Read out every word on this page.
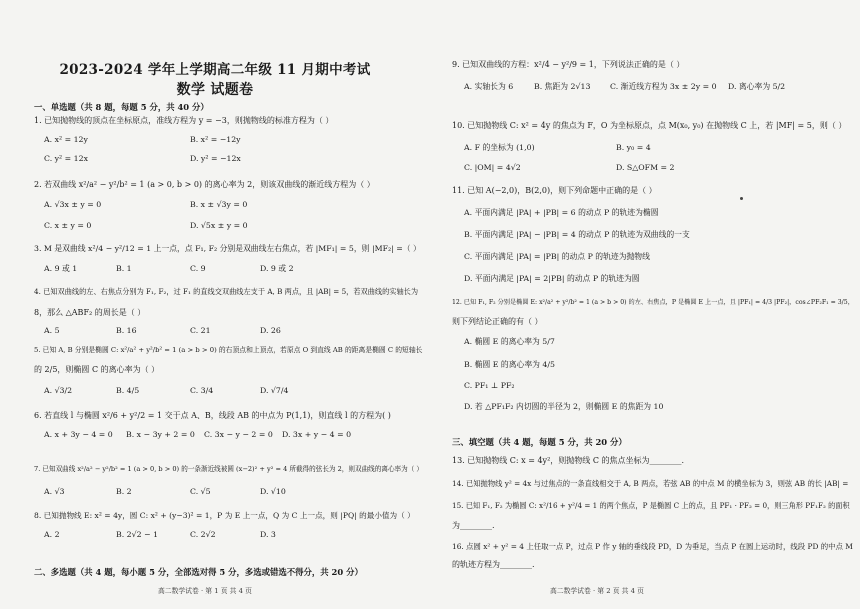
2023-2024 学年上学期高二年级 11 月期中考试
数学 试题卷
一、单选题（共 8 题，每题 5 分，共 40 分）
1. 已知抛物线的顶点在坐标原点，准线方程为 y = −3，则抛物线的标准方程为（ ）
A. x² = 12y	B. x² = −12y
C. y² = 12x	D. y² = −12x
2. 若双曲线 x²/a² − y²/b² = 1 (a > 0, b > 0) 的离心率为 2，则该双曲线的渐近线方程为（ ）
A. √3x ± y = 0	B. x ± √3y = 0
C. x ± y = 0	D. √5x ± y = 0
3. M 是双曲线 x²/4 − y²/12 = 1 上一点，点 F₁, F₂ 分别是双曲线左右焦点，若 |MF₁| = 5，则 |MF₂| =（ ）
A. 9 或 1	B. 1	C. 9	D. 9 或 2
4. 已知双曲线的左、右焦点分别为 F₁, F₂，过 F₁ 的直线交双曲线左支于 A, B 两点，且 |AB| = 5，若双曲线的实轴长为
8，那么 △ABF₂ 的周长是（ ）
A. 5	B. 16	C. 21	D. 26
5. 已知 A, B 分别是椭圆 C: x²/a² + y²/b² = 1 (a > b > 0) 的右顶点和上顶点，若原点 O 到直线 AB 的距离是椭圆 C 的短轴长
的 2/5，则椭圆 C 的离心率为（ ）
A. √3/2	B. 4/5	C. 3/4	D. √7/4
6. 若直线 l 与椭圆 x²/6 + y²/2 = 1 交于点 A、B，线段 AB 的中点为 P(1,1)，则直线 l 的方程为( )
A. x + 3y − 4 = 0 B. x − 3y + 2 = 0 C. 3x − y − 2 = 0 D. 3x + y − 4 = 0
7. 已知双曲线 x²/a² − y²/b² = 1 (a > 0, b > 0) 的一条渐近线被圆 (x−2)² + y² = 4 所截得的弦长为 2，则双曲线的离心率为（ ）
A. √3	B. 2	C. √5	D. √10
8. 已知抛物线 E: x² = 4y，圆 C: x² + (y−3)² = 1，P 为 E 上一点，Q 为 C 上一点，则 |PQ| 的最小值为（ ）
A. 2	B. 2√2 − 1	C. 2√2	D. 3
二、多选题（共 4 题，每小题 5 分，全部选对得 5 分，多选或错选不得分，共 20 分）
高二数学试卷 · 第 1 页 共 4 页
9. 已知双曲线的方程：x²/4 − y²/9 = 1，下列说法正确的是（ ）
A. 实轴长为 6	B. 焦距为 2√13	C. 渐近线方程为 3x ± 2y = 0 D. 离心率为 5/2
10. 已知抛物线 C: x² = 4y 的焦点为 F，O 为坐标原点，点 M(x₀, y₀) 在抛物线 C 上，若 |MF| = 5，则（ ）
A. F 的坐标为 (1,0)	B. y₀ = 4
C. |OM| = 4√2	D. S△OFM = 2
11. 已知 A(−2,0)，B(2,0)，则下列命题中正确的是（ ）
A. 平面内满足 |PA| + |PB| = 6 的动点 P 的轨迹为椭圆
B. 平面内满足 |PA| − |PB| = 4 的动点 P 的轨迹为双曲线的一支
C. 平面内满足 |PA| = |PB| 的动点 P 的轨迹为抛物线
D. 平面内满足 |PA| = 2|PB| 的动点 P 的轨迹为圆
12. 已知 F₁, F₂ 分别是椭圆 E: x²/a² + y²/b² = 1 (a > b > 0) 的左、右焦点，P 是椭圆 E 上一点，且 |PF₁| = 4/3 |PF₂|，cos∠PF₂F₁ = 3/5，
则下列结论正确的有（ ）
A. 椭圆 E 的离心率为 5/7
B. 椭圆 E 的离心率为 4/5
C. PF₁ ⊥ PF₂
D. 若 △PF₁F₂ 内切圆的半径为 2，则椭圆 E 的焦距为 10
三、填空题（共 4 题，每题 5 分，共 20 分）
13. 已知抛物线 C: x = 4y²，则抛物线 C 的焦点坐标为________.
14. 已知抛物线 y² = 4x 与过焦点的一条直线相交于 A, B 两点，若弦 AB 的中点 M 的横坐标为 3，则弦 AB 的长 |AB| =
15. 已知 F₁, F₂ 为椭圆 C: x²/16 + y²/4 = 1 的两个焦点，P 是椭圆 C 上的点，且 PF₁ · PF₂ = 0，则三角形 PF₁F₂ 的面积
为________.
16. 点圆 x² + y² = 4 上任取一点 P，过点 P 作 y 轴的垂线段 PD，D 为垂足，当点 P 在圆上运动时，线段 PD 的中点 M
的轨迹方程为________.
高二数学试卷 · 第 2 页 共 4 页
